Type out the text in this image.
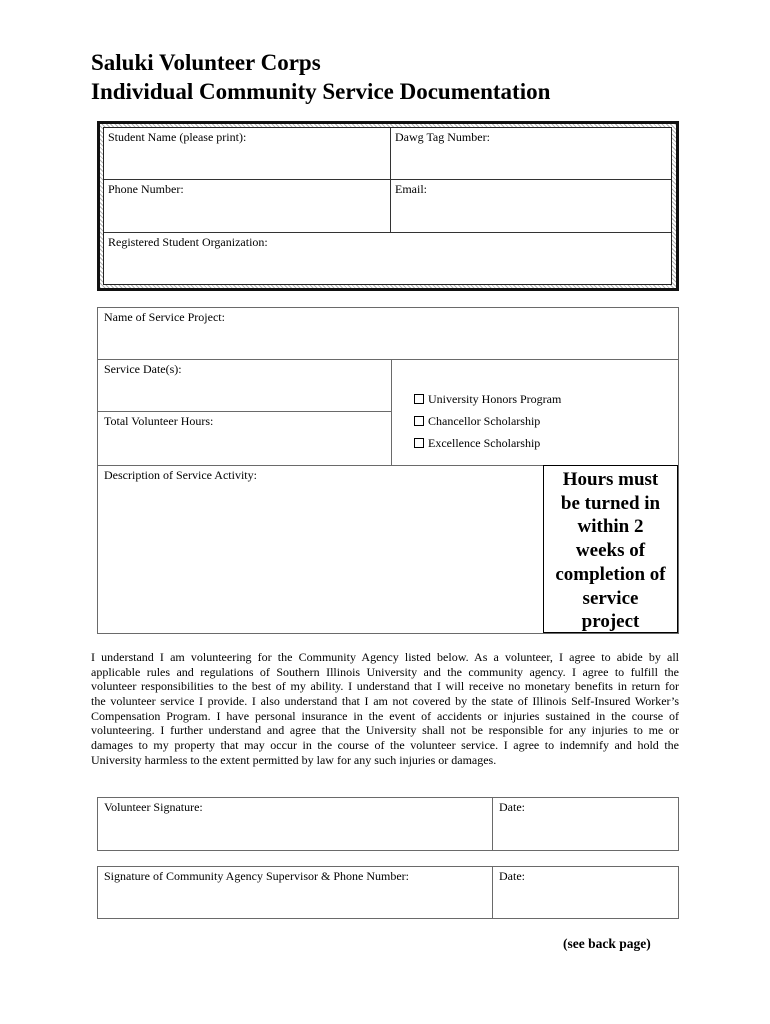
Saluki Volunteer Corps
Individual Community Service Documentation
Student Name (please print):	Dawg Tag Number:
Phone Number:	Email:
Registered Student Organization:
Name of Service Project:
Service Date(s):
Total Volunteer Hours:
University Honors Program
Chancellor Scholarship
Excellence Scholarship
Description of Service Activity:	Hours must
be turned in
within 2
weeks of
completion of
service
project
I understand I am volunteering for the Community Agency listed below. As a volunteer, I agree to abide by all
applicable rules and regulations of Southern Illinois University and the community agency. I agree to fulfill the
volunteer responsibilities to the best of my ability. I understand that I will receive no monetary benefits in return for
the volunteer service I provide. I also understand that I am not covered by the state of Illinois Self-Insured Worker’s
Compensation Program. I have personal insurance in the event of accidents or injuries sustained in the course of
volunteering. I further understand and agree that the University shall not be responsible for any injuries to me or
damages to my property that may occur in the course of the volunteer service. I agree to indemnify and hold the
University harmless to the extent permitted by law for any such injuries or damages.
Volunteer Signature:	Date:
Signature of Community Agency Supervisor & Phone Number:	Date:
(see back page)
